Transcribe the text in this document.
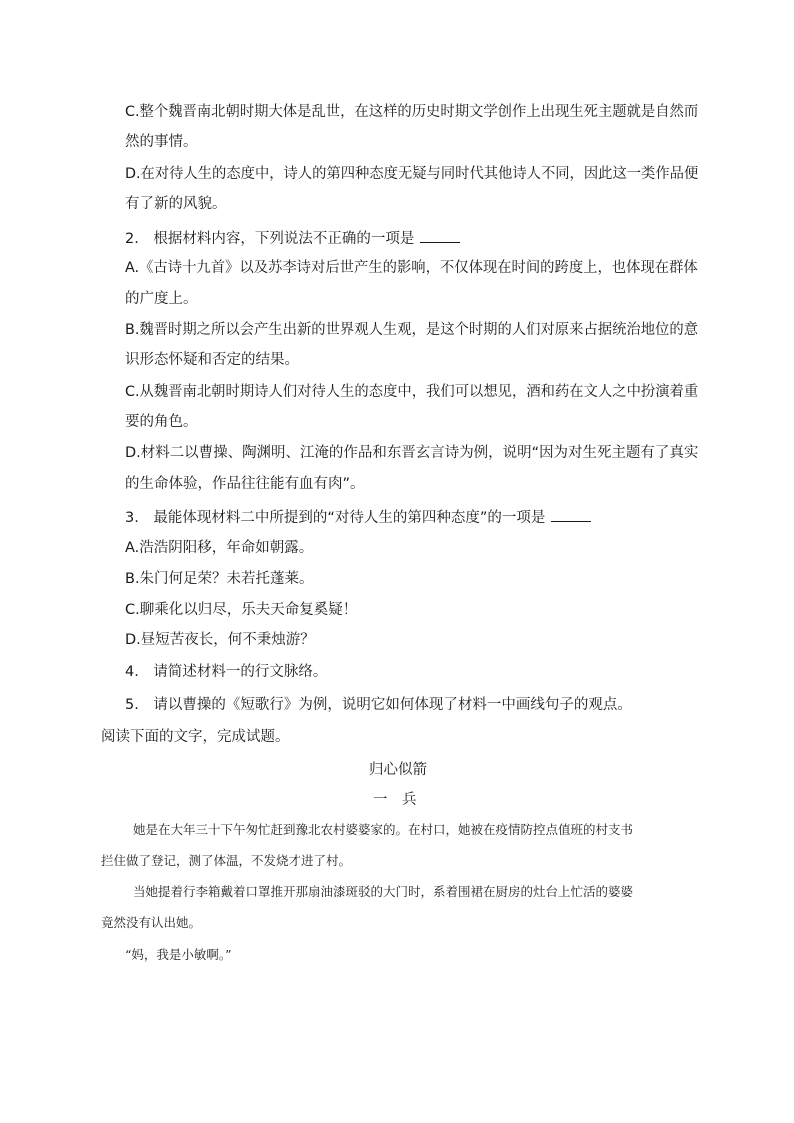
C.整个魏晋南北朝时期大体是乱世，在这样的历史时期文学创作上出现生死主题就是自然而
然的事情。
D.在对待人生的态度中，诗人的第四种态度无疑与同时代其他诗人不同，因此这一类作品便
有了新的风貌。
2.　根据材料内容，下列说法不正确的一项是
A.《古诗十九首》以及苏李诗对后世产生的影响，不仅体现在时间的跨度上，也体现在群体
的广度上。
B.魏晋时期之所以会产生出新的世界观人生观，是这个时期的人们对原来占据统治地位的意
识形态怀疑和否定的结果。
C.从魏晋南北朝时期诗人们对待人生的态度中，我们可以想见，酒和药在文人之中扮演着重
要的角色。
D.材料二以曹操、陶渊明、江淹的作品和东晋玄言诗为例，说明“因为对生死主题有了真实
的生命体验，作品往往能有血有肉”。
3.　最能体现材料二中所提到的“对待人生的第四种态度”的一项是
A.浩浩阴阳移，年命如朝露。
B.朱门何足荣？未若托蓬莱。
C.聊乘化以归尽，乐夫天命复奚疑！
D.昼短苦夜长，何不秉烛游？
4.　请简述材料一的行文脉络。
5.　请以曹操的《短歌行》为例，说明它如何体现了材料一中画线句子的观点。
阅读下面的文字，完成试题。
归心似箭
一　兵
她是在大年三十下午匆忙赶到豫北农村婆婆家的。在村口，她被在疫情防控点值班的村支书
拦住做了登记，测了体温，不发烧才进了村。
当她提着行李箱戴着口罩推开那扇油漆斑驳的大门时，系着围裙在厨房的灶台上忙活的婆婆
竟然没有认出她。
“妈，我是小敏啊。”
